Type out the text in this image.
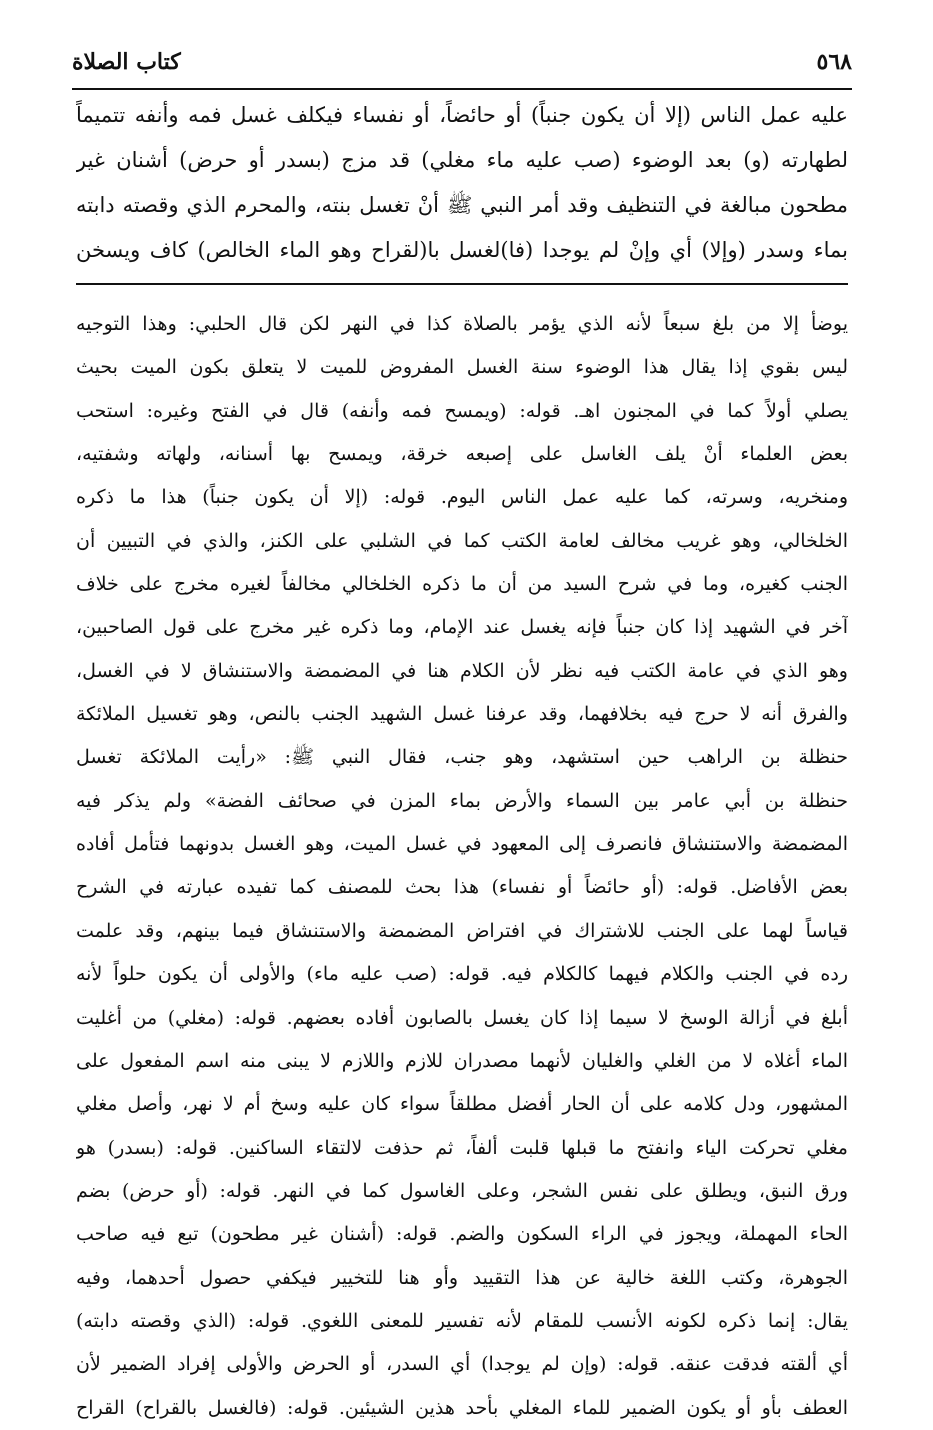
٥٦٨
كتاب الصلاة

عليه عمل الناس (إلا أن يكون جنباً) أو حائضاً، أو نفساء فيكلف غسل فمه وأنفه تتميماً

لطهارته (و) بعد الوضوء (صب عليه ماء مغلي) قد مزج (بسدر أو حرض) أشنان غير

مطحون مبالغة في التنظيف وقد أمر النبي ﷺ أنْ تغسل بنته، والمحرم الذي وقصته دابته

بماء وسدر (وإلا) أي وإنْ لم يوجدا (فا)لغسل با(لقراح وهو الماء الخالص) كاف ويسخن

يوضأ إلا من بلغ سبعاً لأنه الذي يؤمر بالصلاة كذا في النهر لكن قال الحلبي: وهذا التوجيه

ليس بقوي إذا يقال هذا الوضوء سنة الغسل المفروض للميت لا يتعلق بكون الميت بحيث

يصلي أولاً كما في المجنون اهـ. قوله: (ويمسح فمه وأنفه) قال في الفتح وغيره: استحب

بعض العلماء أنْ يلف الغاسل على إصبعه خرقة، ويمسح بها أسنانه، ولهاته وشفتيه،

ومنخريه، وسرته، كما عليه عمل الناس اليوم. قوله: (إلا أن يكون جنباً) هذا ما ذكره

الخلخالي، وهو غريب مخالف لعامة الكتب كما في الشلبي على الكنز، والذي في التبيين أن

الجنب كغيره، وما في شرح السيد من أن ما ذكره الخلخالي مخالفاً لغيره مخرج على خلاف

آخر في الشهيد إذا كان جنباً فإنه يغسل عند الإمام، وما ذكره غير مخرج على قول الصاحبين،

وهو الذي في عامة الكتب فيه نظر لأن الكلام هنا في المضمضة والاستنشاق لا في الغسل،

والفرق أنه لا حرج فيه بخلافهما، وقد عرفنا غسل الشهيد الجنب بالنص، وهو تغسيل الملائكة

حنظلة بن الراهب حين استشهد، وهو جنب، فقال النبي ﷺ: «رأيت الملائكة تغسل

حنظلة بن أبي عامر بين السماء والأرض بماء المزن في صحائف الفضة» ولم يذكر فيه

المضمضة والاستنشاق فانصرف إلى المعهود في غسل الميت، وهو الغسل بدونهما فتأمل أفاده

بعض الأفاضل. قوله: (أو حائضاً أو نفساء) هذا بحث للمصنف كما تفيده عبارته في الشرح

قياساً لهما على الجنب للاشتراك في افتراض المضمضة والاستنشاق فيما بينهم، وقد علمت

رده في الجنب والكلام فيهما كالكلام فيه. قوله: (صب عليه ماء) والأولى أن يكون حلواً لأنه

أبلغ في أزالة الوسخ لا سيما إذا كان يغسل بالصابون أفاده بعضهم. قوله: (مغلي) من أغليت

الماء أغلاه لا من الغلي والغليان لأنهما مصدران للازم واللازم لا يبنى منه اسم المفعول على

المشهور، ودل كلامه على أن الحار أفضل مطلقاً سواء كان عليه وسخ أم لا نهر، وأصل مغلي

مغلي تحركت الياء وانفتح ما قبلها قلبت ألفاً، ثم حذفت لالتقاء الساكنين. قوله: (بسدر) هو

ورق النبق، ويطلق على نفس الشجر، وعلى الغاسول كما في النهر. قوله: (أو حرض) بضم

الحاء المهملة، ويجوز في الراء السكون والضم. قوله: (أشنان غير مطحون) تبع فيه صاحب

الجوهرة، وكتب اللغة خالية عن هذا التقييد وأو هنا للتخيير فيكفي حصول أحدهما، وفيه

يقال: إنما ذكره لكونه الأنسب للمقام لأنه تفسير للمعنى اللغوي. قوله: (الذي وقصته دابته)

أي ألقته فدقت عنقه. قوله: (وإن لم يوجدا) أي السدر، أو الحرض والأولى إفراد الضمير لأن

العطف بأو أو يكون الضمير للماء المغلي بأحد هذين الشيئين. قوله: (فالغسل بالقراح) القراح
